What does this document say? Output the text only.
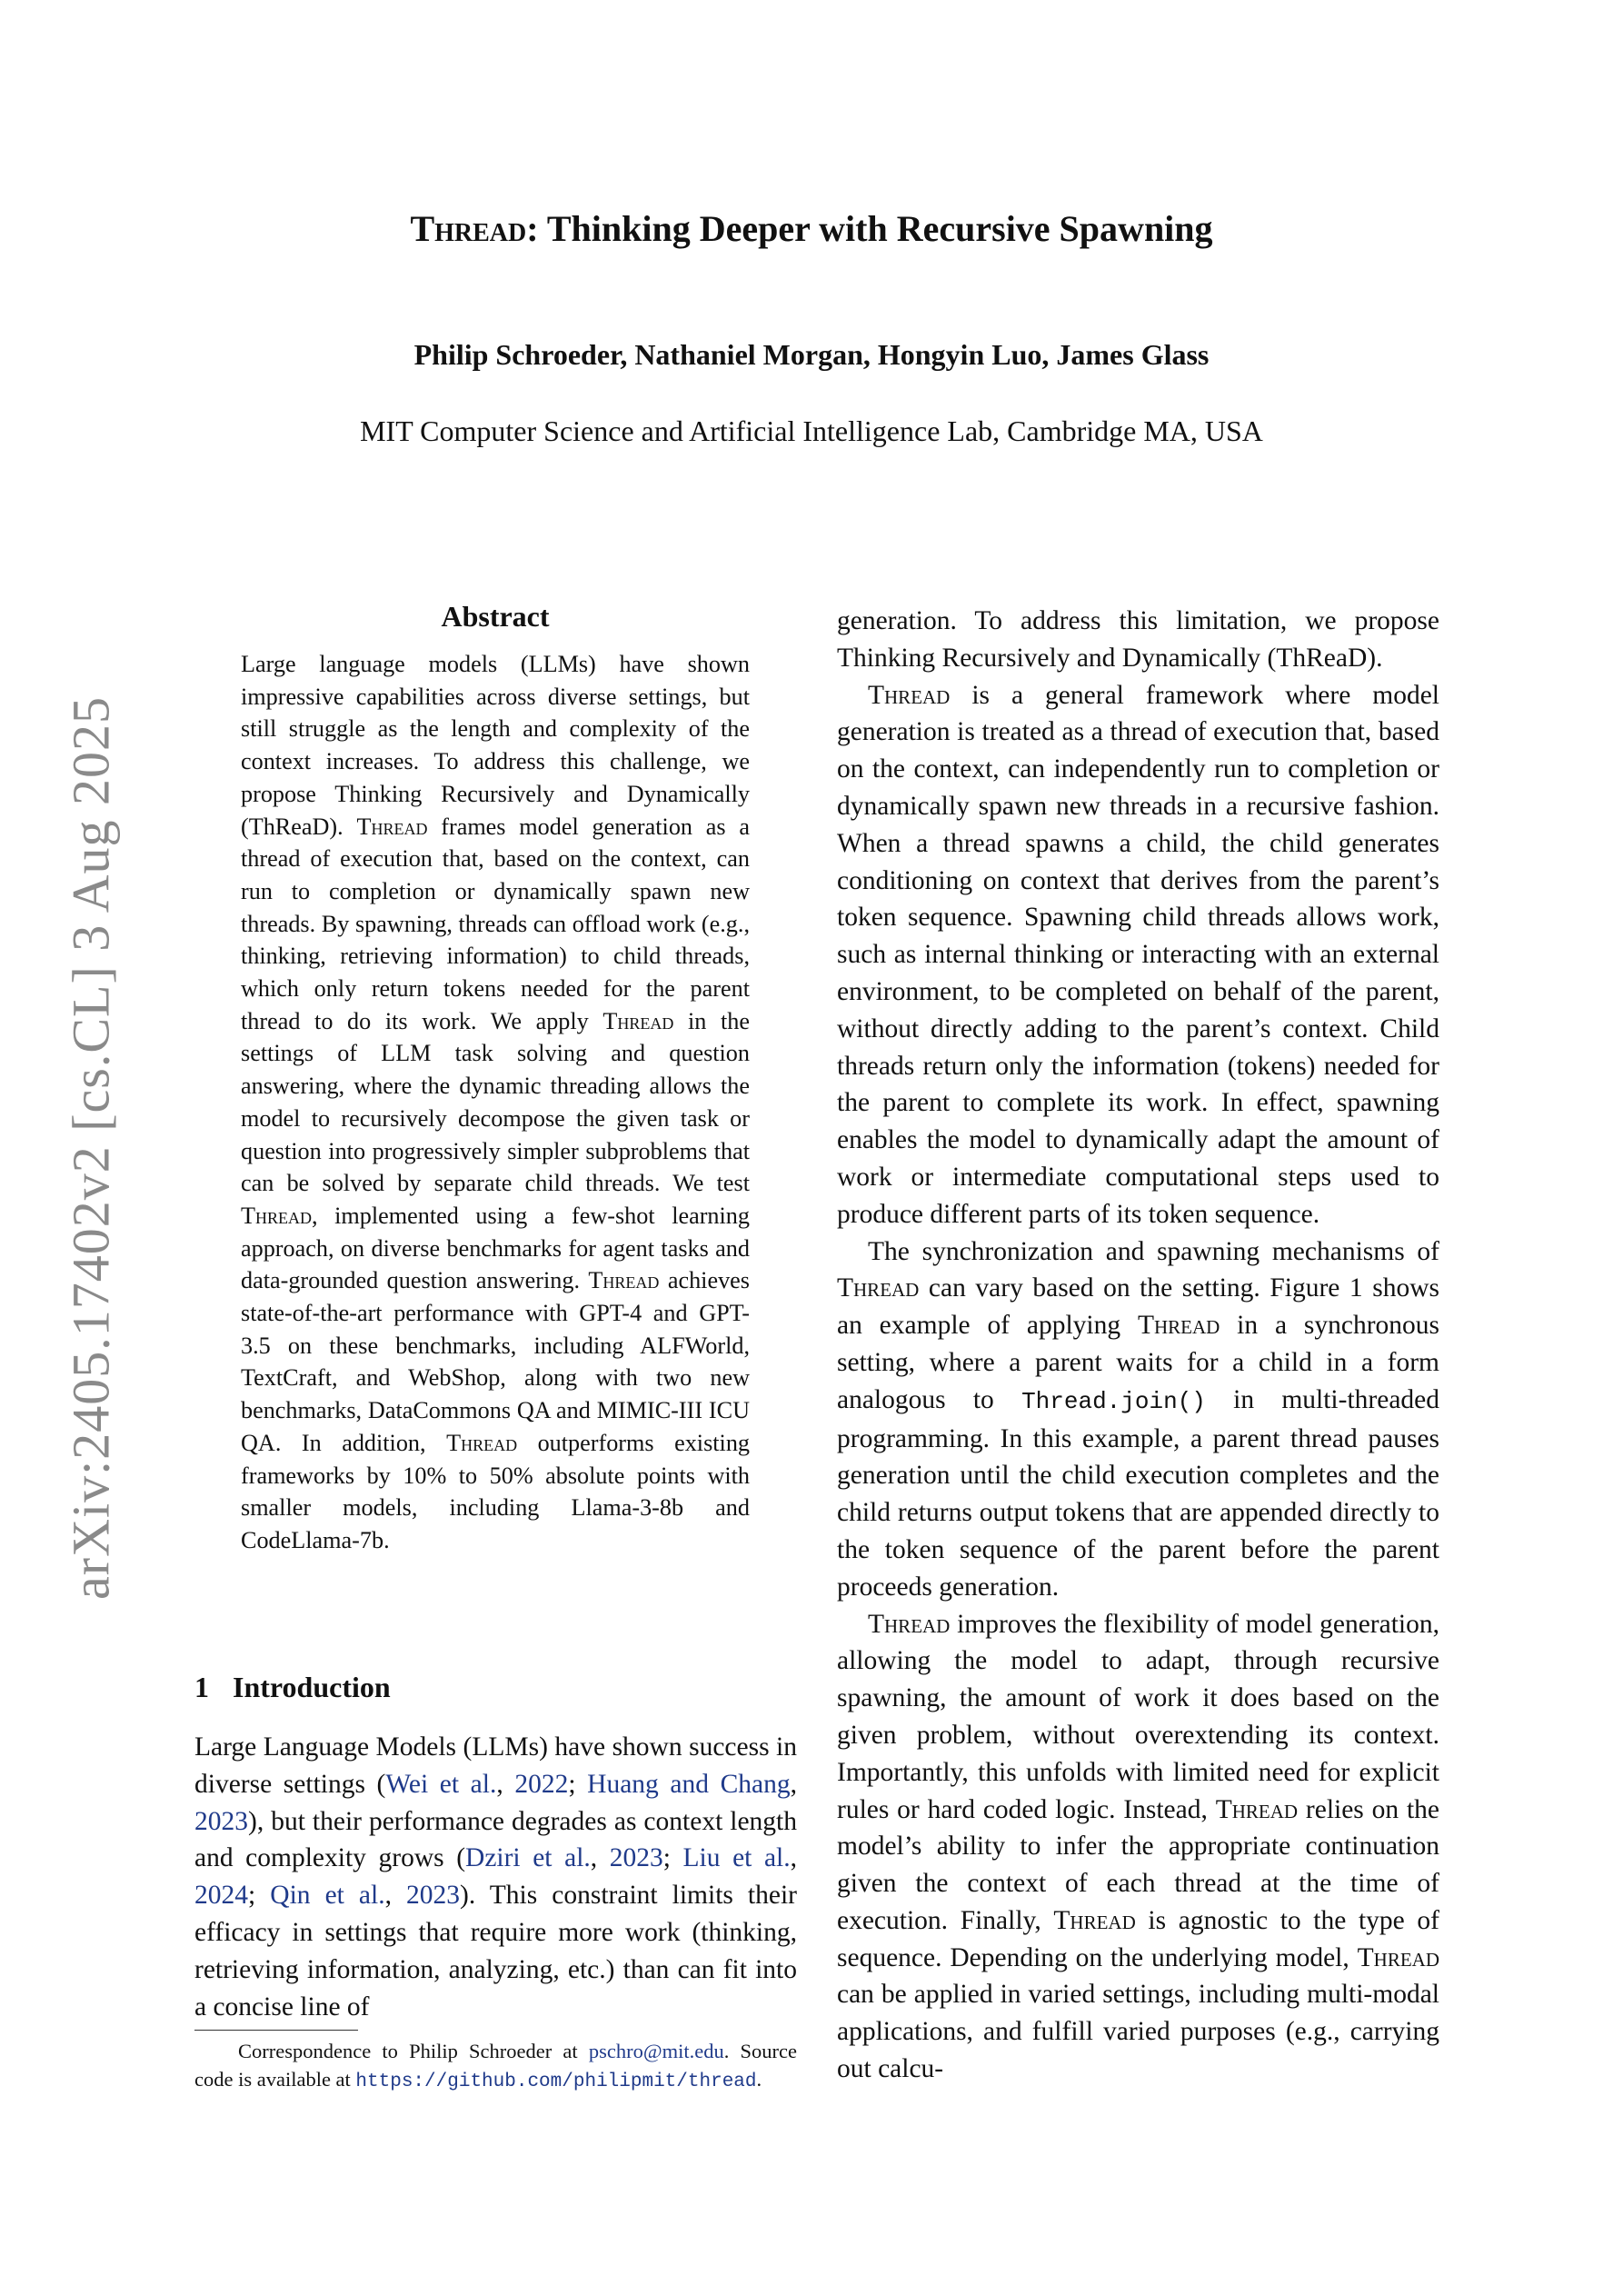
arXiv:2405.17402v2 [cs.CL] 3 Aug 2025
Thread: Thinking Deeper with Recursive Spawning
Philip Schroeder, Nathaniel Morgan, Hongyin Luo, James Glass
MIT Computer Science and Artificial Intelligence Lab, Cambridge MA, USA
Abstract
Large language models (LLMs) have shown impressive capabilities across diverse settings, but still struggle as the length and complexity of the context increases. To address this challenge, we propose Thinking Recursively and Dynamically (ThReaD). Thread frames model generation as a thread of execution that, based on the context, can run to completion or dynamically spawn new threads. By spawning, threads can offload work (e.g., thinking, retrieving information) to child threads, which only return tokens needed for the parent thread to do its work. We apply Thread in the settings of LLM task solving and question answering, where the dynamic threading allows the model to recursively decompose the given task or question into progressively simpler subproblems that can be solved by separate child threads. We test Thread, implemented using a few-shot learning approach, on diverse benchmarks for agent tasks and data-grounded question answering. Thread achieves state-of-the-art performance with GPT-4 and GPT-3.5 on these benchmarks, including ALFWorld, TextCraft, and WebShop, along with two new benchmarks, DataCommons QA and MIMIC-III ICU QA. In addition, Thread outperforms existing frameworks by 10% to 50% absolute points with smaller models, including Llama-3-8b and CodeLlama-7b.
1 Introduction
Large Language Models (LLMs) have shown success in diverse settings (Wei et al., 2022; Huang and Chang, 2023), but their performance degrades as context length and complexity grows (Dziri et al., 2023; Liu et al., 2024; Qin et al., 2023). This constraint limits their efficacy in settings that require more work (thinking, retrieving information, analyzing, etc.) than can fit into a concise line of
Correspondence to Philip Schroeder at pschro@mit.edu. Source code is available at https://github.com/philipmit/thread.

generation. To address this limitation, we propose Thinking Recursively and Dynamically (ThReaD).

Thread is a general framework where model generation is treated as a thread of execution that, based on the context, can independently run to completion or dynamically spawn new threads in a recursive fashion. When a thread spawns a child, the child generates conditioning on context that derives from the parent’s token sequence. Spawning child threads allows work, such as internal thinking or interacting with an external environment, to be completed on behalf of the parent, without directly adding to the parent’s context. Child threads return only the information (tokens) needed for the parent to complete its work. In effect, spawning enables the model to dynamically adapt the amount of work or intermediate computational steps used to produce different parts of its token sequence.

The synchronization and spawning mechanisms of Thread can vary based on the setting. Figure 1 shows an example of applying Thread in a synchronous setting, where a parent waits for a child in a form analogous to Thread.join() in multi-threaded programming. In this example, a parent thread pauses generation until the child execution completes and the child returns output tokens that are appended directly to the token sequence of the parent before the parent proceeds generation.

Thread improves the flexibility of model generation, allowing the model to adapt, through recursive spawning, the amount of work it does based on the given problem, without overextending its context. Importantly, this unfolds with limited need for explicit rules or hard coded logic. Instead, Thread relies on the model’s ability to infer the appropriate continuation given the context of each thread at the time of execution. Finally, Thread is agnostic to the type of sequence. Depending on the underlying model, Thread can be applied in varied settings, including multi-modal applications, and fulfill varied purposes (e.g., carrying out calcu-
